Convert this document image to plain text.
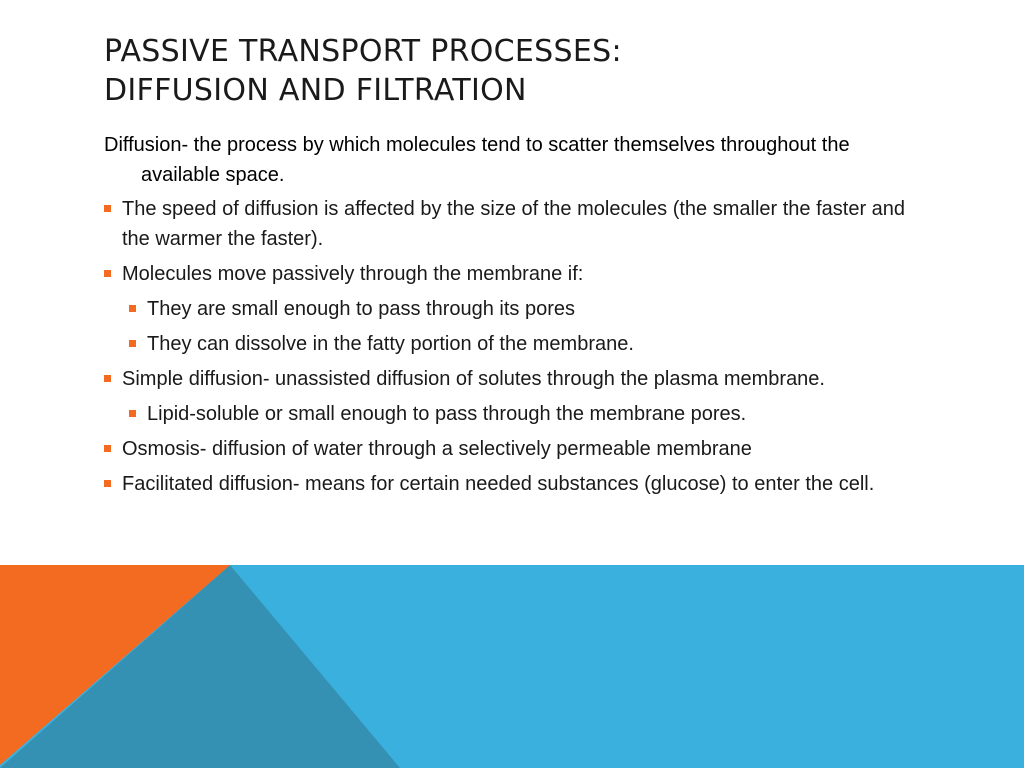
PASSIVE TRANSPORT PROCESSES:
DIFFUSION AND FILTRATION

Diffusion- the process by which molecules tend to scatter themselves throughout the available space.

The speed of diffusion is affected by the size of the molecules (the smaller the faster and the warmer the faster).
Molecules move passively through the membrane if:
They are small enough to pass through its pores
They can dissolve in the fatty portion of the membrane.
Simple diffusion- unassisted diffusion of solutes through the plasma membrane.
Lipid-soluble or small enough to pass through the membrane pores.
Osmosis- diffusion of water through a selectively permeable membrane
Facilitated diffusion- means for certain needed substances (glucose) to enter the cell.
